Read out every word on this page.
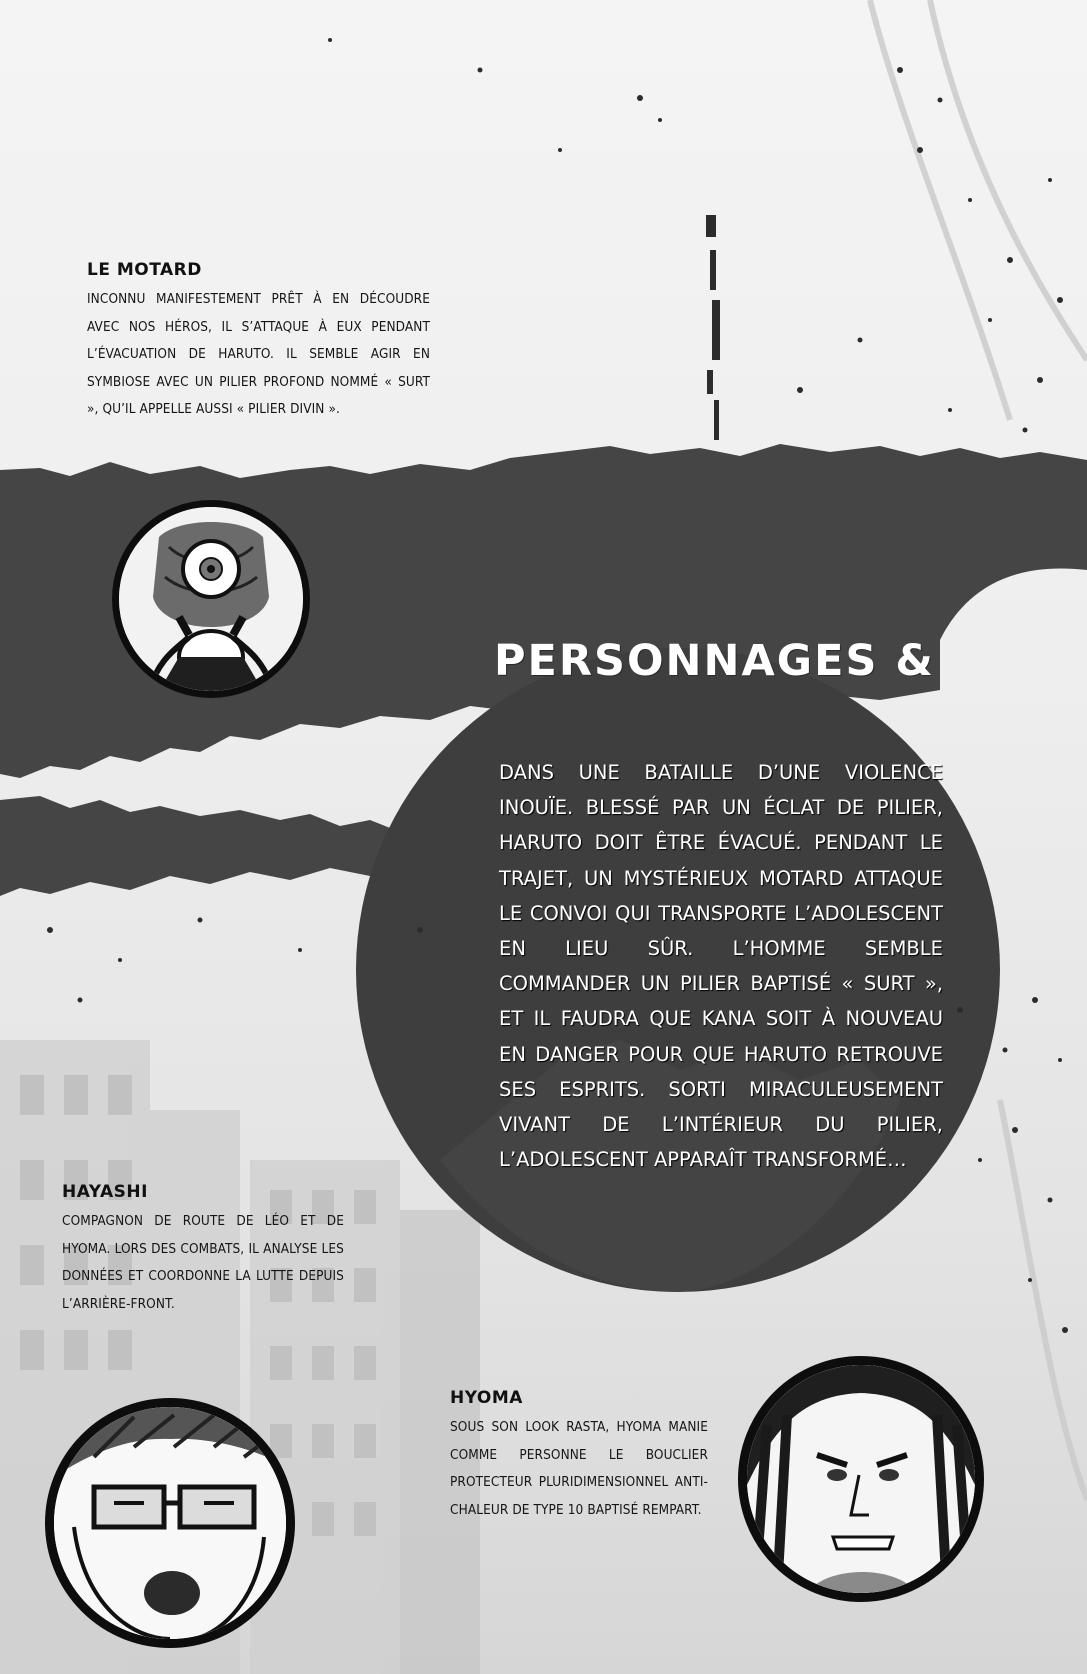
LE MOTARD

INCONNU MANIFESTEMENT PRÊT À EN DÉCOUDRE AVEC NOS HÉROS, IL S’ATTAQUE À EUX PENDANT L’ÉVACUATION DE HARUTO. IL SEMBLE AGIR EN SYMBIOSE AVEC UN PILIER PROFOND NOMMÉ « SURT », QU’IL APPELLE AUSSI « PILIER DIVIN ».

PERSONNAGES &

DANS UNE BATAILLE D’UNE VIOLENCE INOUÏE. BLESSÉ PAR UN ÉCLAT DE PILIER, HARUTO DOIT ÊTRE ÉVACUÉ. PENDANT LE TRAJET, UN MYSTÉRIEUX MOTARD ATTAQUE LE CONVOI QUI TRANSPORTE L’ADOLESCENT EN LIEU SÛR. L’HOMME SEMBLE COMMANDER UN PILIER BAPTISÉ « SURT », ET IL FAUDRA QUE KANA SOIT À NOUVEAU EN DANGER POUR QUE HARUTO RETROUVE SES ESPRITS. SORTI MIRACULEUSEMENT VIVANT DE L’INTÉRIEUR DU PILIER, L’ADOLESCENT APPARAÎT TRANSFORMÉ…

HAYASHI

COMPAGNON DE ROUTE DE LÉO ET DE HYOMA. LORS DES COMBATS, IL ANALYSE LES DONNÉES ET COORDONNE LA LUTTE DEPUIS L’ARRIÈRE-FRONT.

HYOMA

SOUS SON LOOK RASTA, HYOMA MANIE COMME PERSONNE LE BOUCLIER PROTECTEUR PLURIDIMENSIONNEL ANTI-CHALEUR DE TYPE 10 BAPTISÉ REMPART.
